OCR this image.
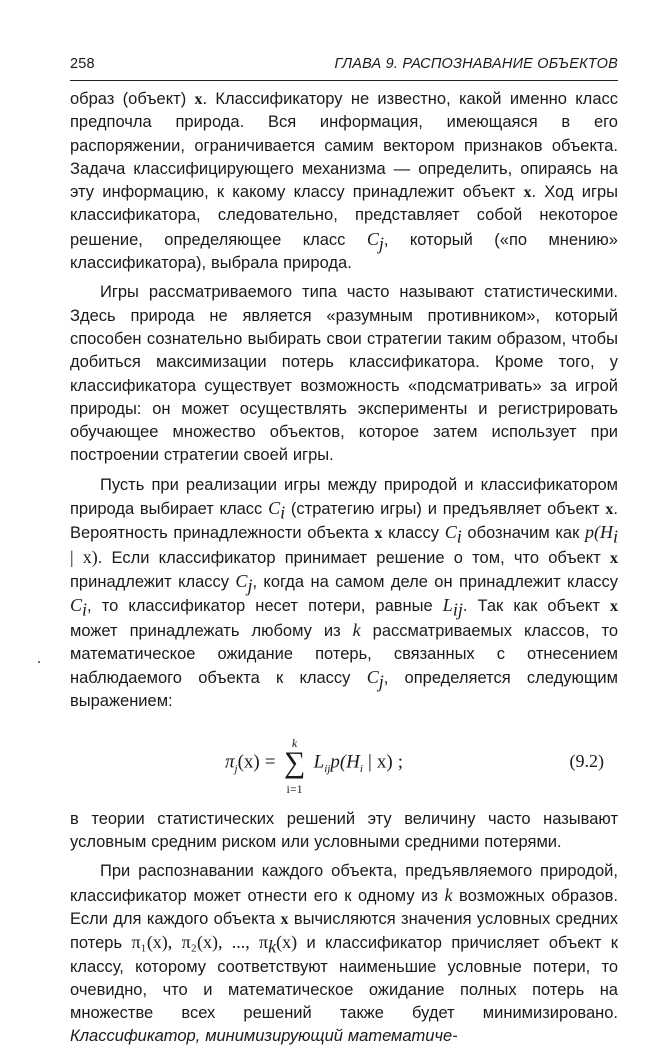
258	ГЛАВА 9. РАСПОЗНАВАНИЕ ОБЪЕКТОВ

образ (объект) x. Классификатору не известно, какой именно класс предпочла природа. Вся информация, имеющаяся в его распоряжении, ограничивается самим вектором признаков объекта. Задача классифицирующего механизма — определить, опираясь на эту информацию, к какому классу принадлежит объект x. Ход игры классификатора, следовательно, представляет собой некоторое решение, определяющее класс $C_j$, который («по мнению» классификатора), выбрала природа.

Игры рассматриваемого типа часто называют статистическими. Здесь природа не является «разумным противником», который способен сознательно выбирать свои стратегии таким образом, чтобы добиться максимизации потерь классификатора. Кроме того, у классификатора существует возможность «подсматривать» за игрой природы: он может осуществлять эксперименты и регистрировать обучающее множество объектов, которое затем использует при построении стратегии своей игры.

Пусть при реализации игры между природой и классификатором природа выбирает класс $C_i$ (стратегию игры) и предъявляет объект x. Вероятность принадлежности объекта x классу $C_i$ обозначим как $p(H_i$ | x). Если классификатор принимает решение о том, что объект x принадлежит классу $C_j$, когда на самом деле он принадлежит классу $C_i$, то классификатор несет потери, равные $L_{ij}$. Так как объект x может принадлежать любому из k рассматриваемых классов, то математическое ожидание потерь, связанных с отнесением наблюдаемого объекта к классу $C_j$, определяется следующим выражением:

$\pi_j(x)$ =
k
∑
i=1
$L_{ij}p(H_i$ | x) ;	(9.2)

в теории статистических решений эту величину часто называют условным средним риском или условными средними потерями.

При распознавании каждого объекта, предъявляемого природой, классификатор может отнести его к одному из k возможных образов. Если для каждого объекта x вычисляются значения условных средних потерь π₁(x), π₂(x), ..., $\pi_k(x)$ и классификатор причисляет объект к классу, которому соответствуют наименьшие условные потери, то очевидно, что и математическое ожидание полных потерь на множестве всех решений также будет минимизировано. Классификатор, минимизирующий математиче-
